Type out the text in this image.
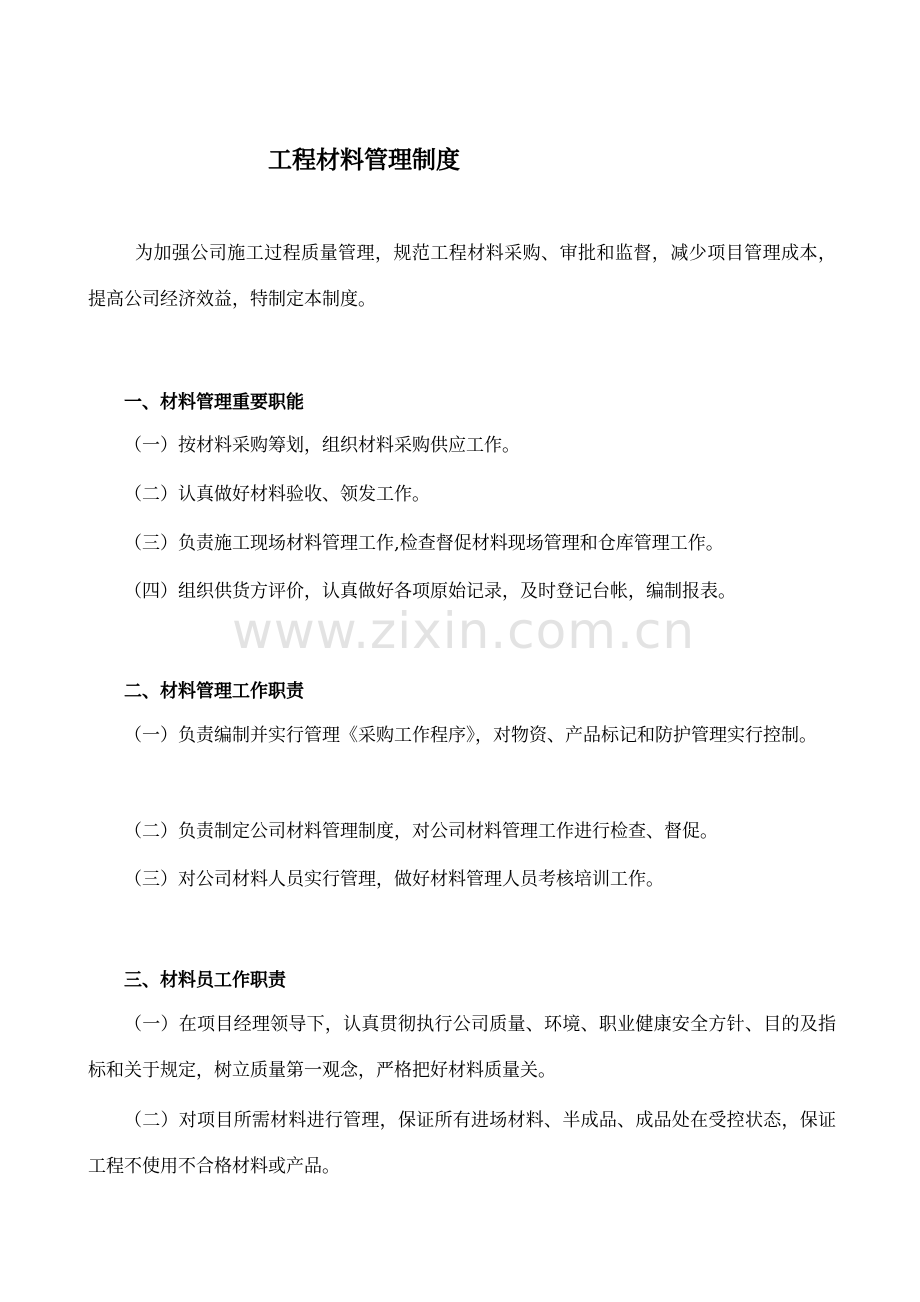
工程材料管理制度

为加强公司施工过程质量管理，规范工程材料采购、审批和监督，减少项目管理成本，提高公司经济效益，特制定本制度。

一、材料管理重要职能

（一）按材料采购筹划，组织材料采购供应工作。

（二）认真做好材料验收、领发工作。

（三）负责施工现场材料管理工作,检查督促材料现场管理和仓库管理工作。

（四）组织供货方评价，认真做好各项原始记录，及时登记台帐，编制报表。

www.zixin.com.cn
二、材料管理工作职责

（一）负责编制并实行管理《采购工作程序》，对物资、产品标记和防护管理实行控制。

（二）负责制定公司材料管理制度，对公司材料管理工作进行检查、督促。

（三）对公司材料人员实行管理，做好材料管理人员考核培训工作。

三、材料员工作职责

（一）在项目经理领导下，认真贯彻执行公司质量、环境、职业健康安全方针、目的及指标和关于规定，树立质量第一观念，严格把好材料质量关。

（二）对项目所需材料进行管理，保证所有进场材料、半成品、成品处在受控状态，保证工程不使用不合格材料或产品。
